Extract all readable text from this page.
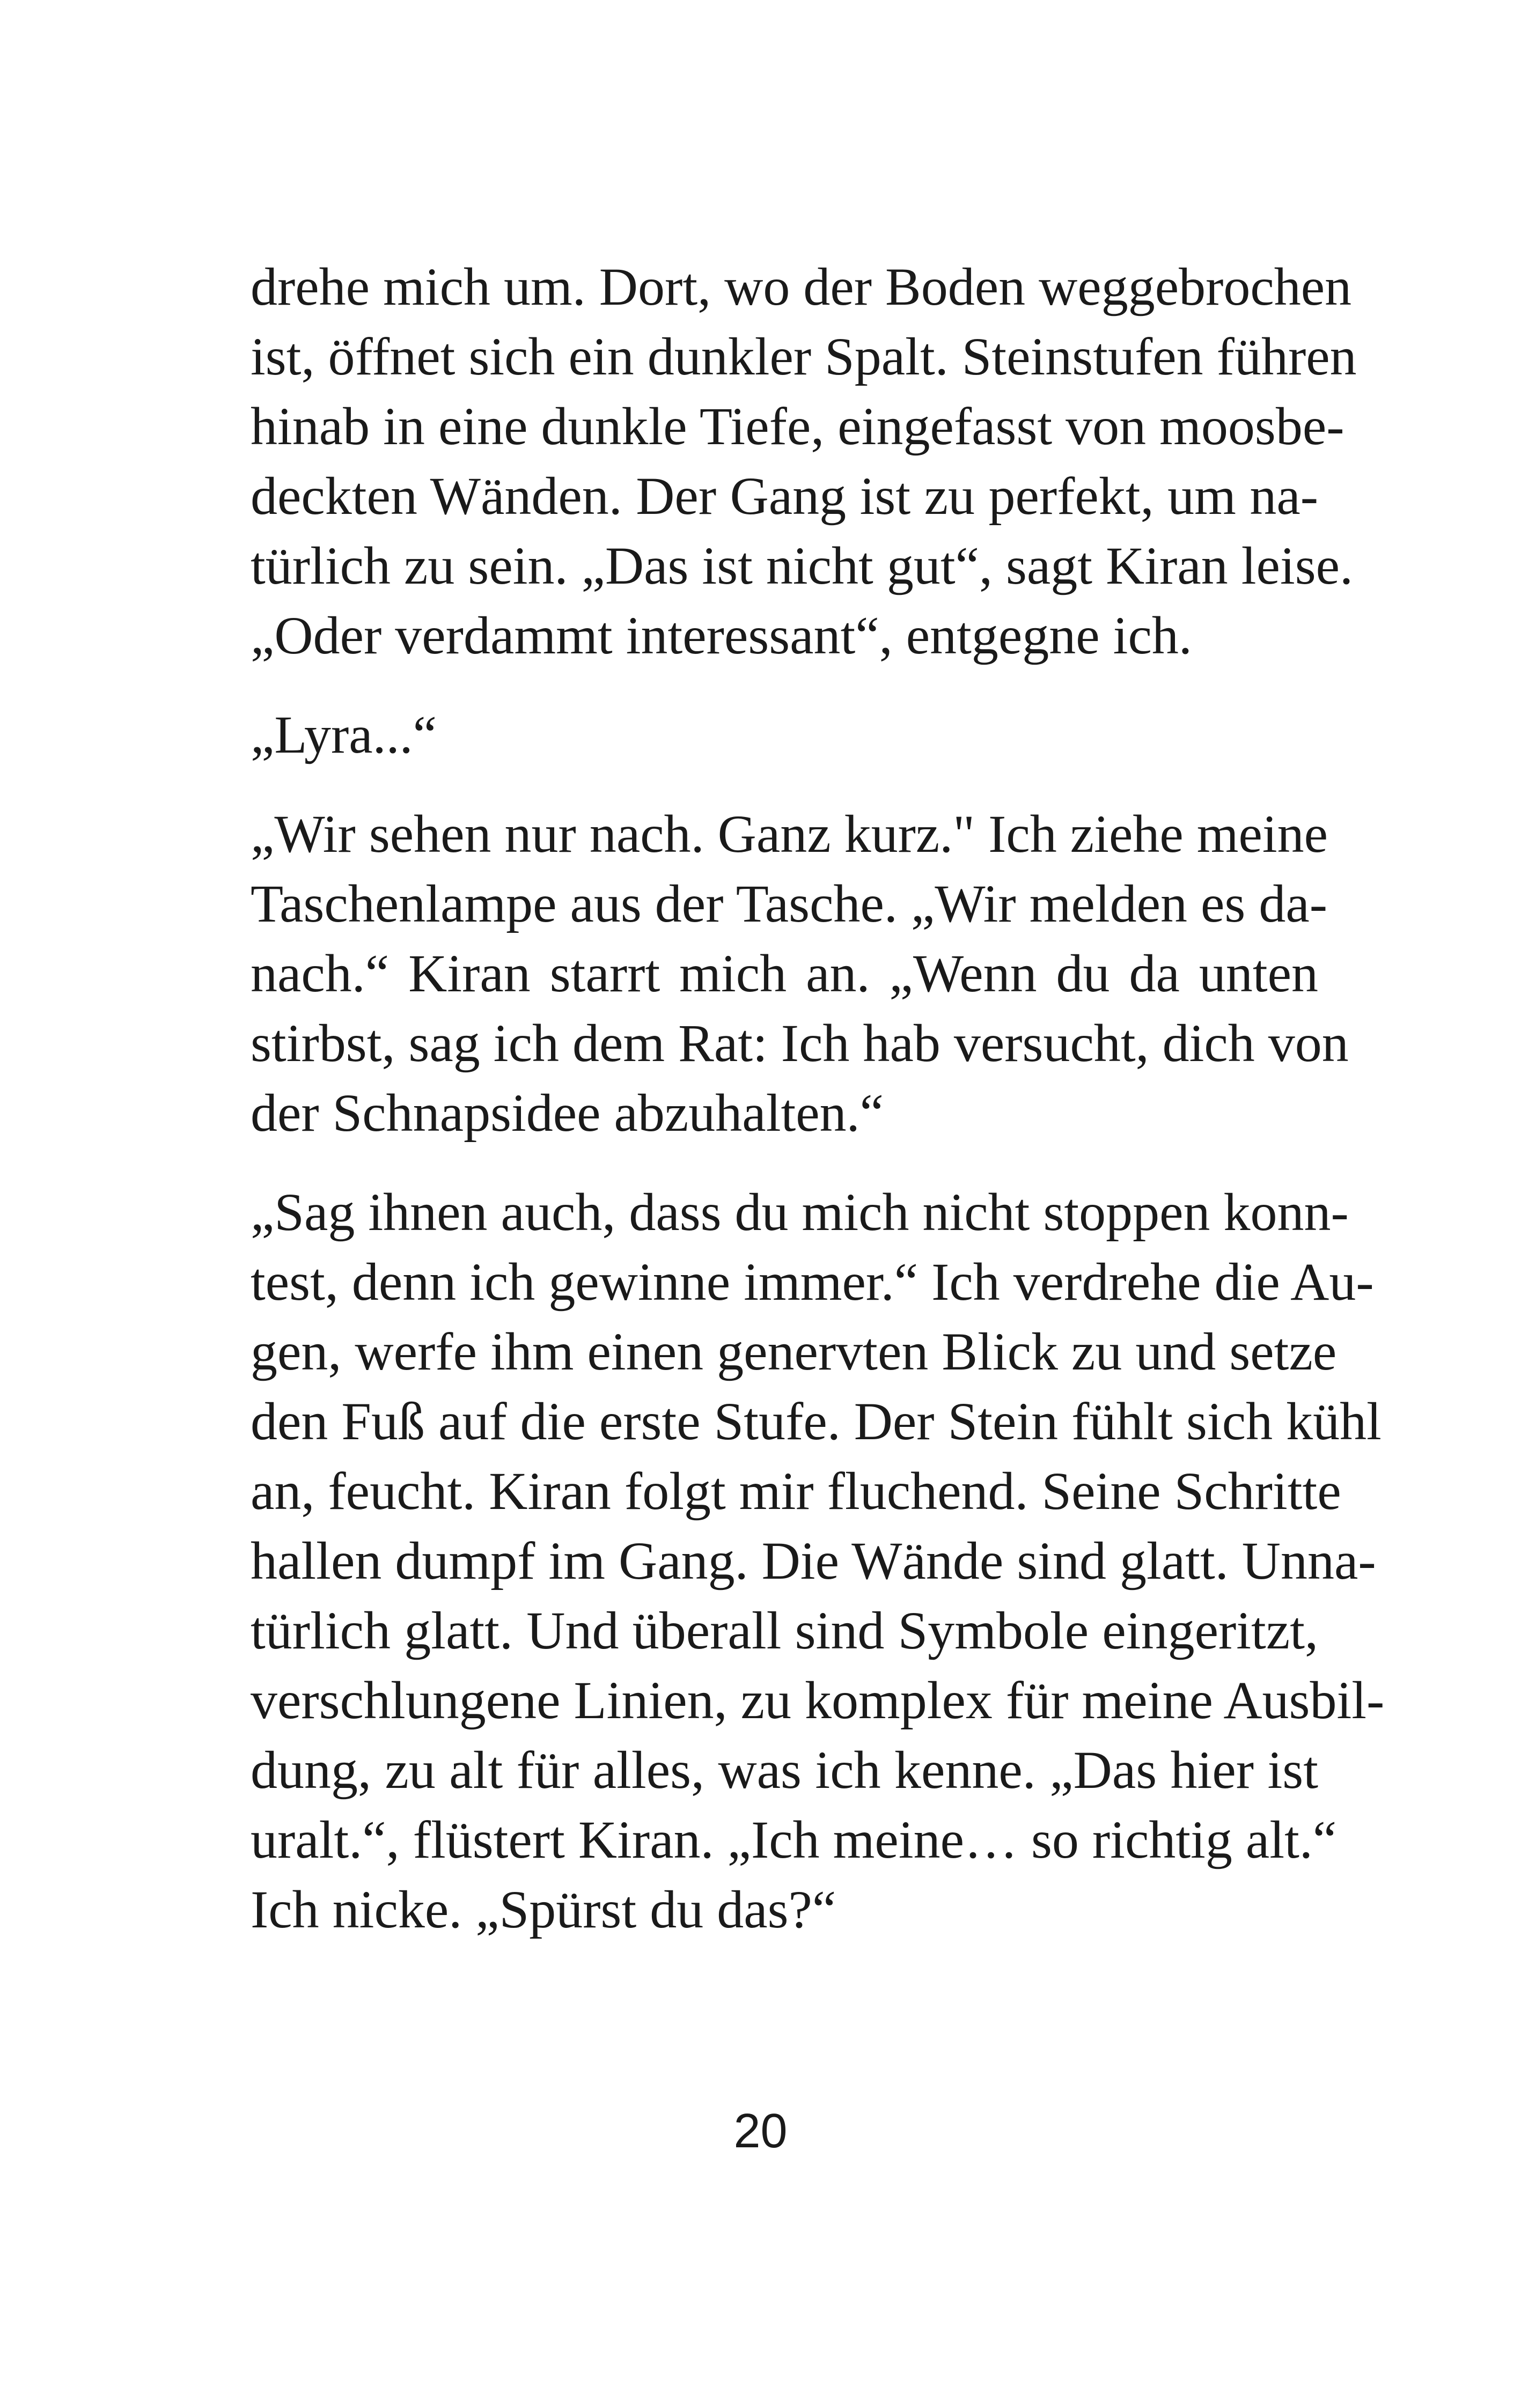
drehe mich um. Dort, wo der Boden weggebrochen
ist, öffnet sich ein dunkler Spalt. Steinstufen führen
hinab in eine dunkle Tiefe, eingefasst von moosbe-
deckten Wänden. Der Gang ist zu perfekt, um na-
türlich zu sein. „Das ist nicht gut“, sagt Kiran leise.
„Oder verdammt interessant“, entgegne ich.

„Lyra...“

„Wir sehen nur nach. Ganz kurz." Ich ziehe meine
Taschenlampe aus der Tasche. „Wir melden es da-
nach.“ Kiran starrt mich an. „Wenn du da unten
stirbst, sag ich dem Rat: Ich hab versucht, dich von
der Schnapsidee abzuhalten.“

„Sag ihnen auch, dass du mich nicht stoppen konn-
test, denn ich gewinne immer.“ Ich verdrehe die Au-
gen, werfe ihm einen genervten Blick zu und setze
den Fuß auf die erste Stufe. Der Stein fühlt sich kühl
an, feucht. Kiran folgt mir fluchend. Seine Schritte
hallen dumpf im Gang. Die Wände sind glatt. Unna-
türlich glatt. Und überall sind Symbole eingeritzt,
verschlungene Linien, zu komplex für meine Ausbil-
dung, zu alt für alles, was ich kenne. „Das hier ist
uralt.“, flüstert Kiran. „Ich meine… so richtig alt.“
Ich nicke. „Spürst du das?“

20
